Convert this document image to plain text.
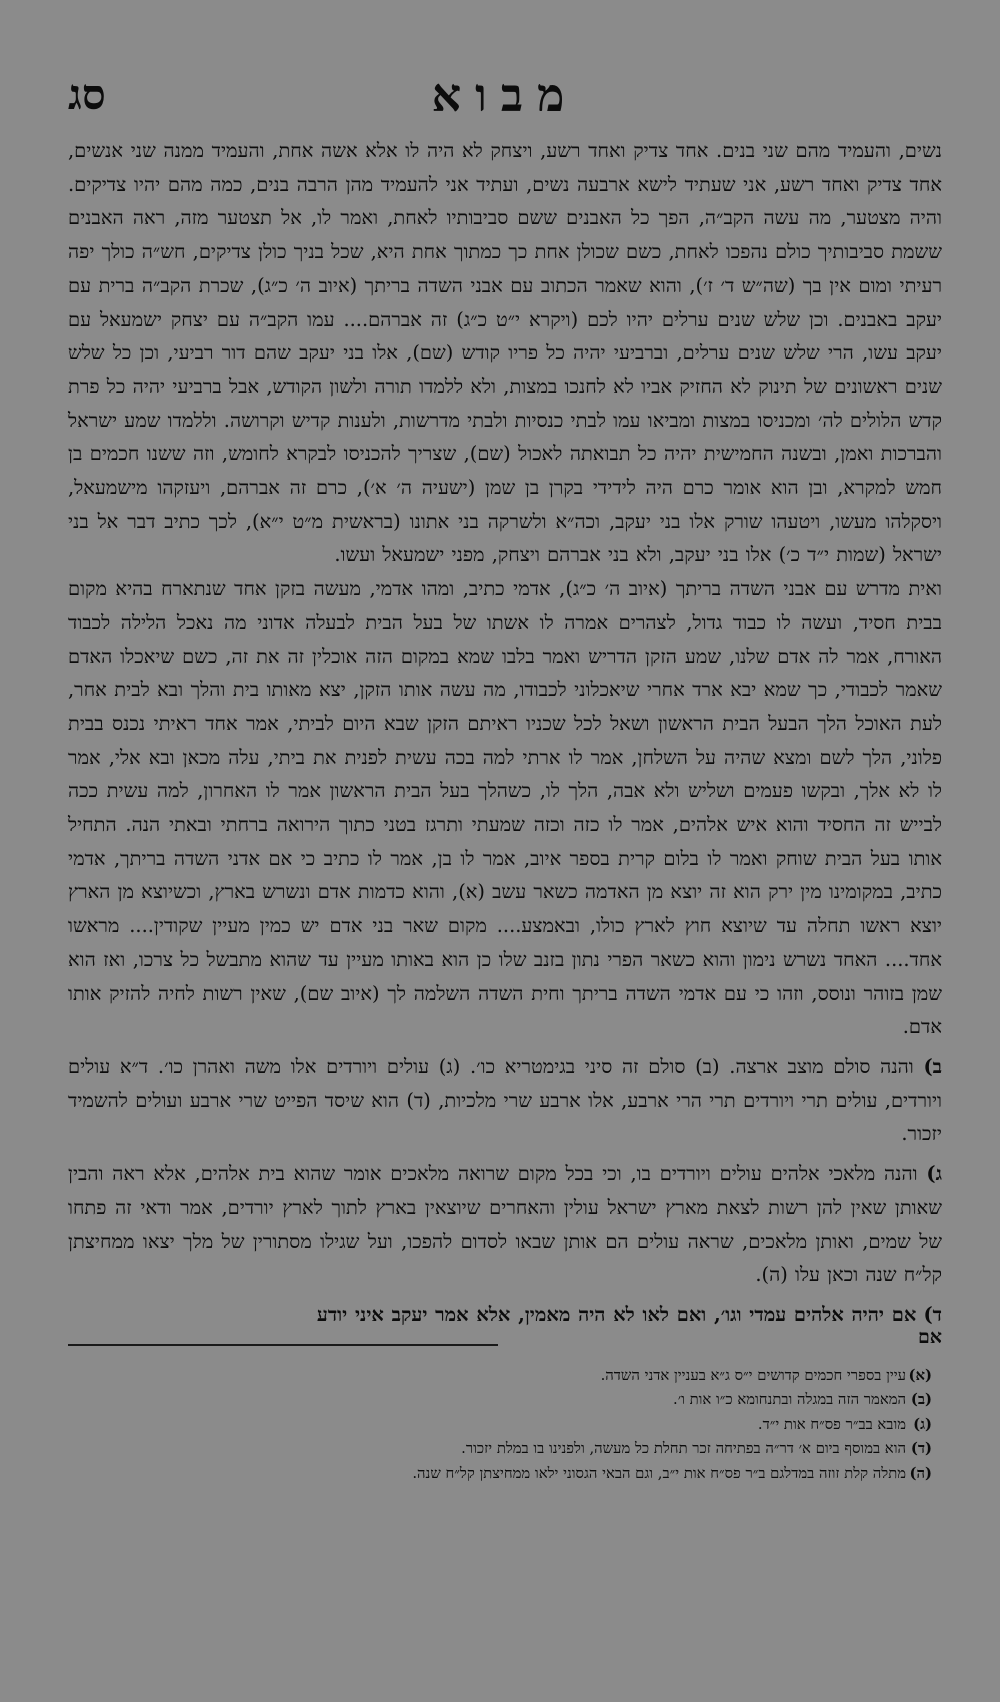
מבוא
סג

נשים, והעמיד מהם שני בנים. אחד צדיק ואחד רשע, ויצחק לא היה לו אלא אשה אחת, והעמיד ממנה שני אנשים, אחד צדיק ואחד רשע, אני שעתיד לישא ארבעה נשים, ועתיד אני להעמיד מהן הרבה בנים, כמה מהם יהיו צדיקים. והיה מצטער, מה עשה הקב״ה, הפך כל האבנים ששם סביבותיו לאחת, ואמר לו, אל תצטער מזה, ראה האבנים ששמת סביבותיך כולם נהפכו לאחת, כשם שכולן אחת כך כמתוך אחת היא, שכל בניך כולן צדיקים, חש״ה כולך יפה רעיתי ומום אין בך (שה״ש ד׳ ז׳), והוא שאמר הכתוב עם אבני השדה בריתך (איוב ה׳ כ״ג), שכרת הקב״ה ברית עם יעקב באבנים. וכן שלש שנים ערלים יהיו לכם (ויקרא י״ט כ״ג) זה אברהם.... עמו הקב״ה עם יצחק ישמעאל עם יעקב עשו, הרי שלש שנים ערלים, וברביעי יהיה כל פריו קודש (שם), אלו בני יעקב שהם דור רביעי, וכן כל שלש שנים ראשונים של תינוק לא החזיק אביו לא לחנכו במצות, ולא ללמדו תורה ולשון הקודש, אבל ברביעי יהיה כל פרת קדש הלולים לה׳ ומכניסו במצות ומביאו עמו לבתי כנסיות ולבתי מדרשות, ולענות קדיש וקרושה. וללמדו שמע ישראל והברכות ואמן, ובשנה החמישית יהיה כל תבואתה לאכול (שם), שצריך להכניסו לבקרא לחומש, וזה ששנו חכמים בן חמש למקרא, ובן הוא אומר כרם היה לידידי בקרן בן שמן (ישעיה ה׳ א׳), כרם זה אברהם, ויעזקהו מישמעאל, ויסקלהו מעשו, ויטעהו שורק אלו בני יעקב, וכה״א ולשרקה בני אתונו (בראשית מ״ט י״א), לכך כתיב דבר אל בני ישראל (שמות י״ד כ׳) אלו בני יעקב, ולא בני אברהם ויצחק, מפני ישמעאל ועשו.

ואית מדרש עם אבני השדה בריתך (איוב ה׳ כ״ג), אדמי כתיב, ומהו אדמי, מעשה בזקן אחד שנתארח בהיא מקום בבית חסיד, ועשה לו כבוד גדול, לצהרים אמרה לו אשתו של בעל הבית לבעלה אדוני מה נאכל הלילה לכבוד האורח, אמר לה אדם שלנו, שמע הזקן הדריש ואמר בלבו שמא במקום הזה אוכלין זה את זה, כשם שיאכלו האדם שאמר לכבודי, כך שמא יבא ארד אחרי שיאכלוני לכבודו, מה עשה אותו הזקן, יצא מאותו בית והלך ובא לבית אחר, לעת האוכל הלך הבעל הבית הראשון ושאל לכל שכניו ראיתם הזקן שבא היום לביתי, אמר אחד ראיתי נכנס בבית פלוני, הלך לשם ומצא שהיה על השלחן, אמר לו ארתי למה בכה עשית לפנית את ביתי, עלה מכאן ובא אלי, אמר לו לא אלך, ובקשו פעמים ושליש ולא אבה, הלך לו, כשהלך בעל הבית הראשון אמר לו האחרון, למה עשית ככה לבייש זה החסיד והוא איש אלהים, אמר לו כזה וכזה שמעתי ותרגז בטני כתוך הירואה ברחתי ובאתי הנה. התחיל אותו בעל הבית שוחק ואמר לו בלום קרית בספר איוב, אמר לו בן, אמר לו כתיב כי אם אדני השדה בריתך, אדמי כתיב, במקומינו מין ירק הוא זה יוצא מן האדמה כשאר עשב (א), והוא כדמות אדם ונשרש בארץ, וכשיוצא מן הארץ יוצא ראשו תחלה עד שיוצא חוץ לארץ כולו, ובאמצע.... מקום שאר בני אדם יש כמין מעיין שקודין.... מראשו אחד.... האחד נשרש נימון והוא כשאר הפרי נתון בזנב שלו כן הוא באותו מעיין עד שהוא מתבשל כל צרכו, ואז הוא שמן בזוהר ונוסס, וזהו כי עם אדמי השדה בריתך וחית השדה השלמה לך (איוב שם), שאין רשות לחיה להזיק אותו אדם.

ב) והנה סולם מוצב ארצה. (ב) סולם זה סיני בגימטריא כו׳. (ג) עולים ויורדים אלו משה ואהרן כו׳. ד״א עולים ויורדים, עולים תרי ויורדים תרי הרי ארבע, אלו ארבע שרי מלכיות, (ד) הוא שיסד הפייט שרי ארבע ועולים להשמיד יזכור.

ג) והנה מלאכי אלהים עולים ויורדים בו, וכי בכל מקום שרואה מלאכים אומר שהוא בית אלהים, אלא ראה והבין שאותן שאין להן רשות לצאת מארץ ישראל עולין והאחרים שיוצאין בארץ לתוך לארץ יורדים, אמר ודאי זה פתחו של שמים, ואותן מלאכים, שראה עולים הם אותן שבאו לסדום להפכו, ועל שגילו מסתורין של מלך יצאו ממחיצתן קל״ח שנה וכאן עלו (ה).

ד) אם יהיה אלהים עמדי וגו׳, ואם לאו לא היה מאמין, אלא אמר יעקב איני יודע

אם
(א)עיין בספרי חכמים קדושים י״ס ג״א בעניין אדני השדה.
(ב)המאמר הזה במגלה ובתנחומא כ״ו אות ו׳.
(ג)מובא בב״ר פס״ח אות י״ד.
(ד)הוא במוסף ביום א׳ דר״ה בפתיחה זכר תחלת כל מעשה, ולפנינו בו במלת יזכור.
(ה)מתלה קלת זוזה במדלגם ב״ר פס״ח אות י״ב, וגם הבאי הגסוני ילאו ממחיצתן קל״ח שנה.
